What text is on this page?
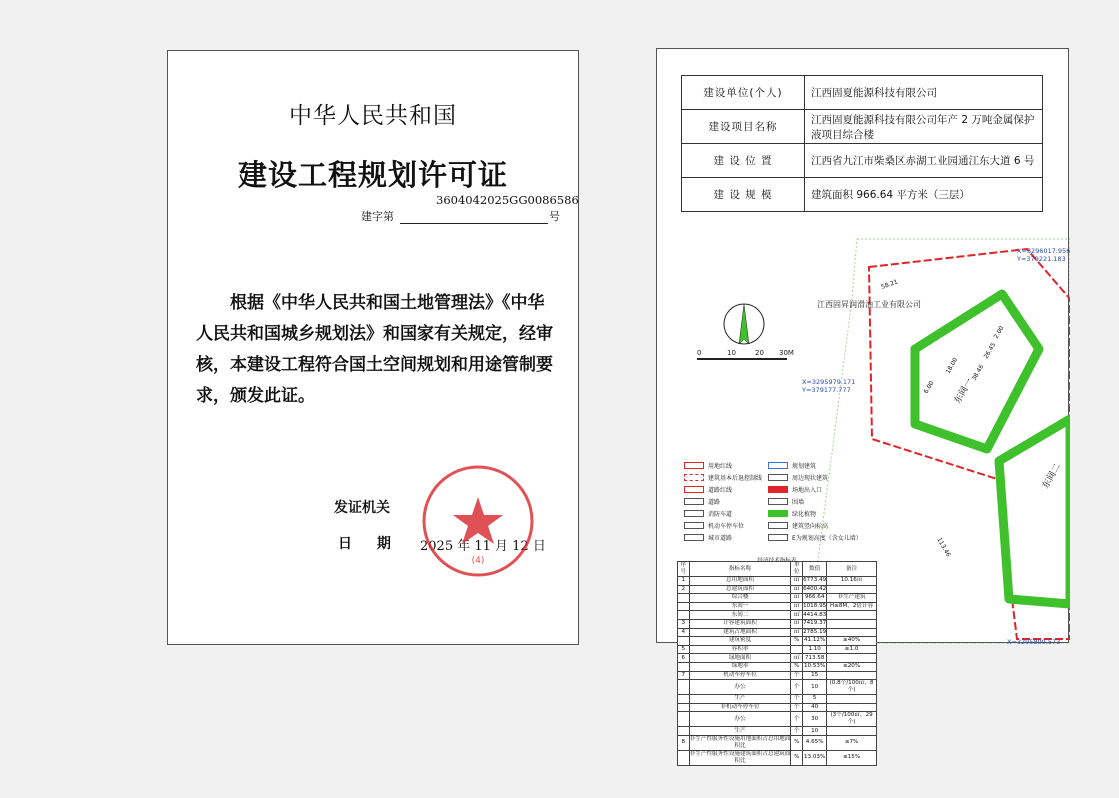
中华人民共和国
建设工程规划许可证
3604042025GG0086586
建字第	号
根据《中华人民共和国土地管理法》《中华人民共和国城乡规划法》和国家有关规定，经审核，本建设工程符合国土空间规划和用途管制要求，颁发此证。
发证机关
日 期 2025 年 11 月 12 日
(4)
建设单位(个人)	江西固夏能源科技有限公司
建设项目名称	江西固夏能源科技有限公司年产 2 万吨金属保护液项目综合楼
建 设 位 置	江西省九江市柴桑区赤湖工业园通江东大道 6 号
建 设 规 模	建筑面积 966.64 平方米（三层）
0	10	20 30M
江西固昇润滑油工业有限公司
X=3296017.956
Y=379221.183
X=3295979.171
Y=379177.777
X=3295899.573
东间一
东间二
18.00
6.00
2.00
58.21
113.46
38.46
26.45
用地红线	规划建筑
建筑基本后退控制线	周边现状建筑
道路红线	场地出入口
道路	围墙
消防车道	绿化植物
机动车停车位	建筑竖向标高
城市道路	E为规划高度（含女儿墙）
序号	指标名称	单位	数值	备注
1	总用地面积	㎡	6773.49	10.16亩
2	总建筑面积	㎡	6400.42	
	综合楼	㎡	966.64	非生产建筑
	东间一	㎡	1018.95	H≥8M，2倍计容
	东间二	㎡	4414.83	
3	计容建筑面积	㎡	7419.37	
4	建筑占地面积	㎡	2785.19	
	建筑密度	%	41.12%	≥40%
5	容积率		1.10	≥1.0
6	绿地面积	㎡	713.58	
	绿地率	%	10.53%	≤20%
7	机动车停车位	个	15	
	办公	个	10	(0.8个/100㎡，8个)
	生产	个	5	
	非机动车停车位	个	40	
	办公	个	30	(3个/100㎡，29个)
	生产	个	10	
8	非生产性服务性设施用地面积占总用地面积比	%	4.65%	≤7%
	非生产性服务性设施建筑面积占总建筑面积比	%	13.03%	≤15%
